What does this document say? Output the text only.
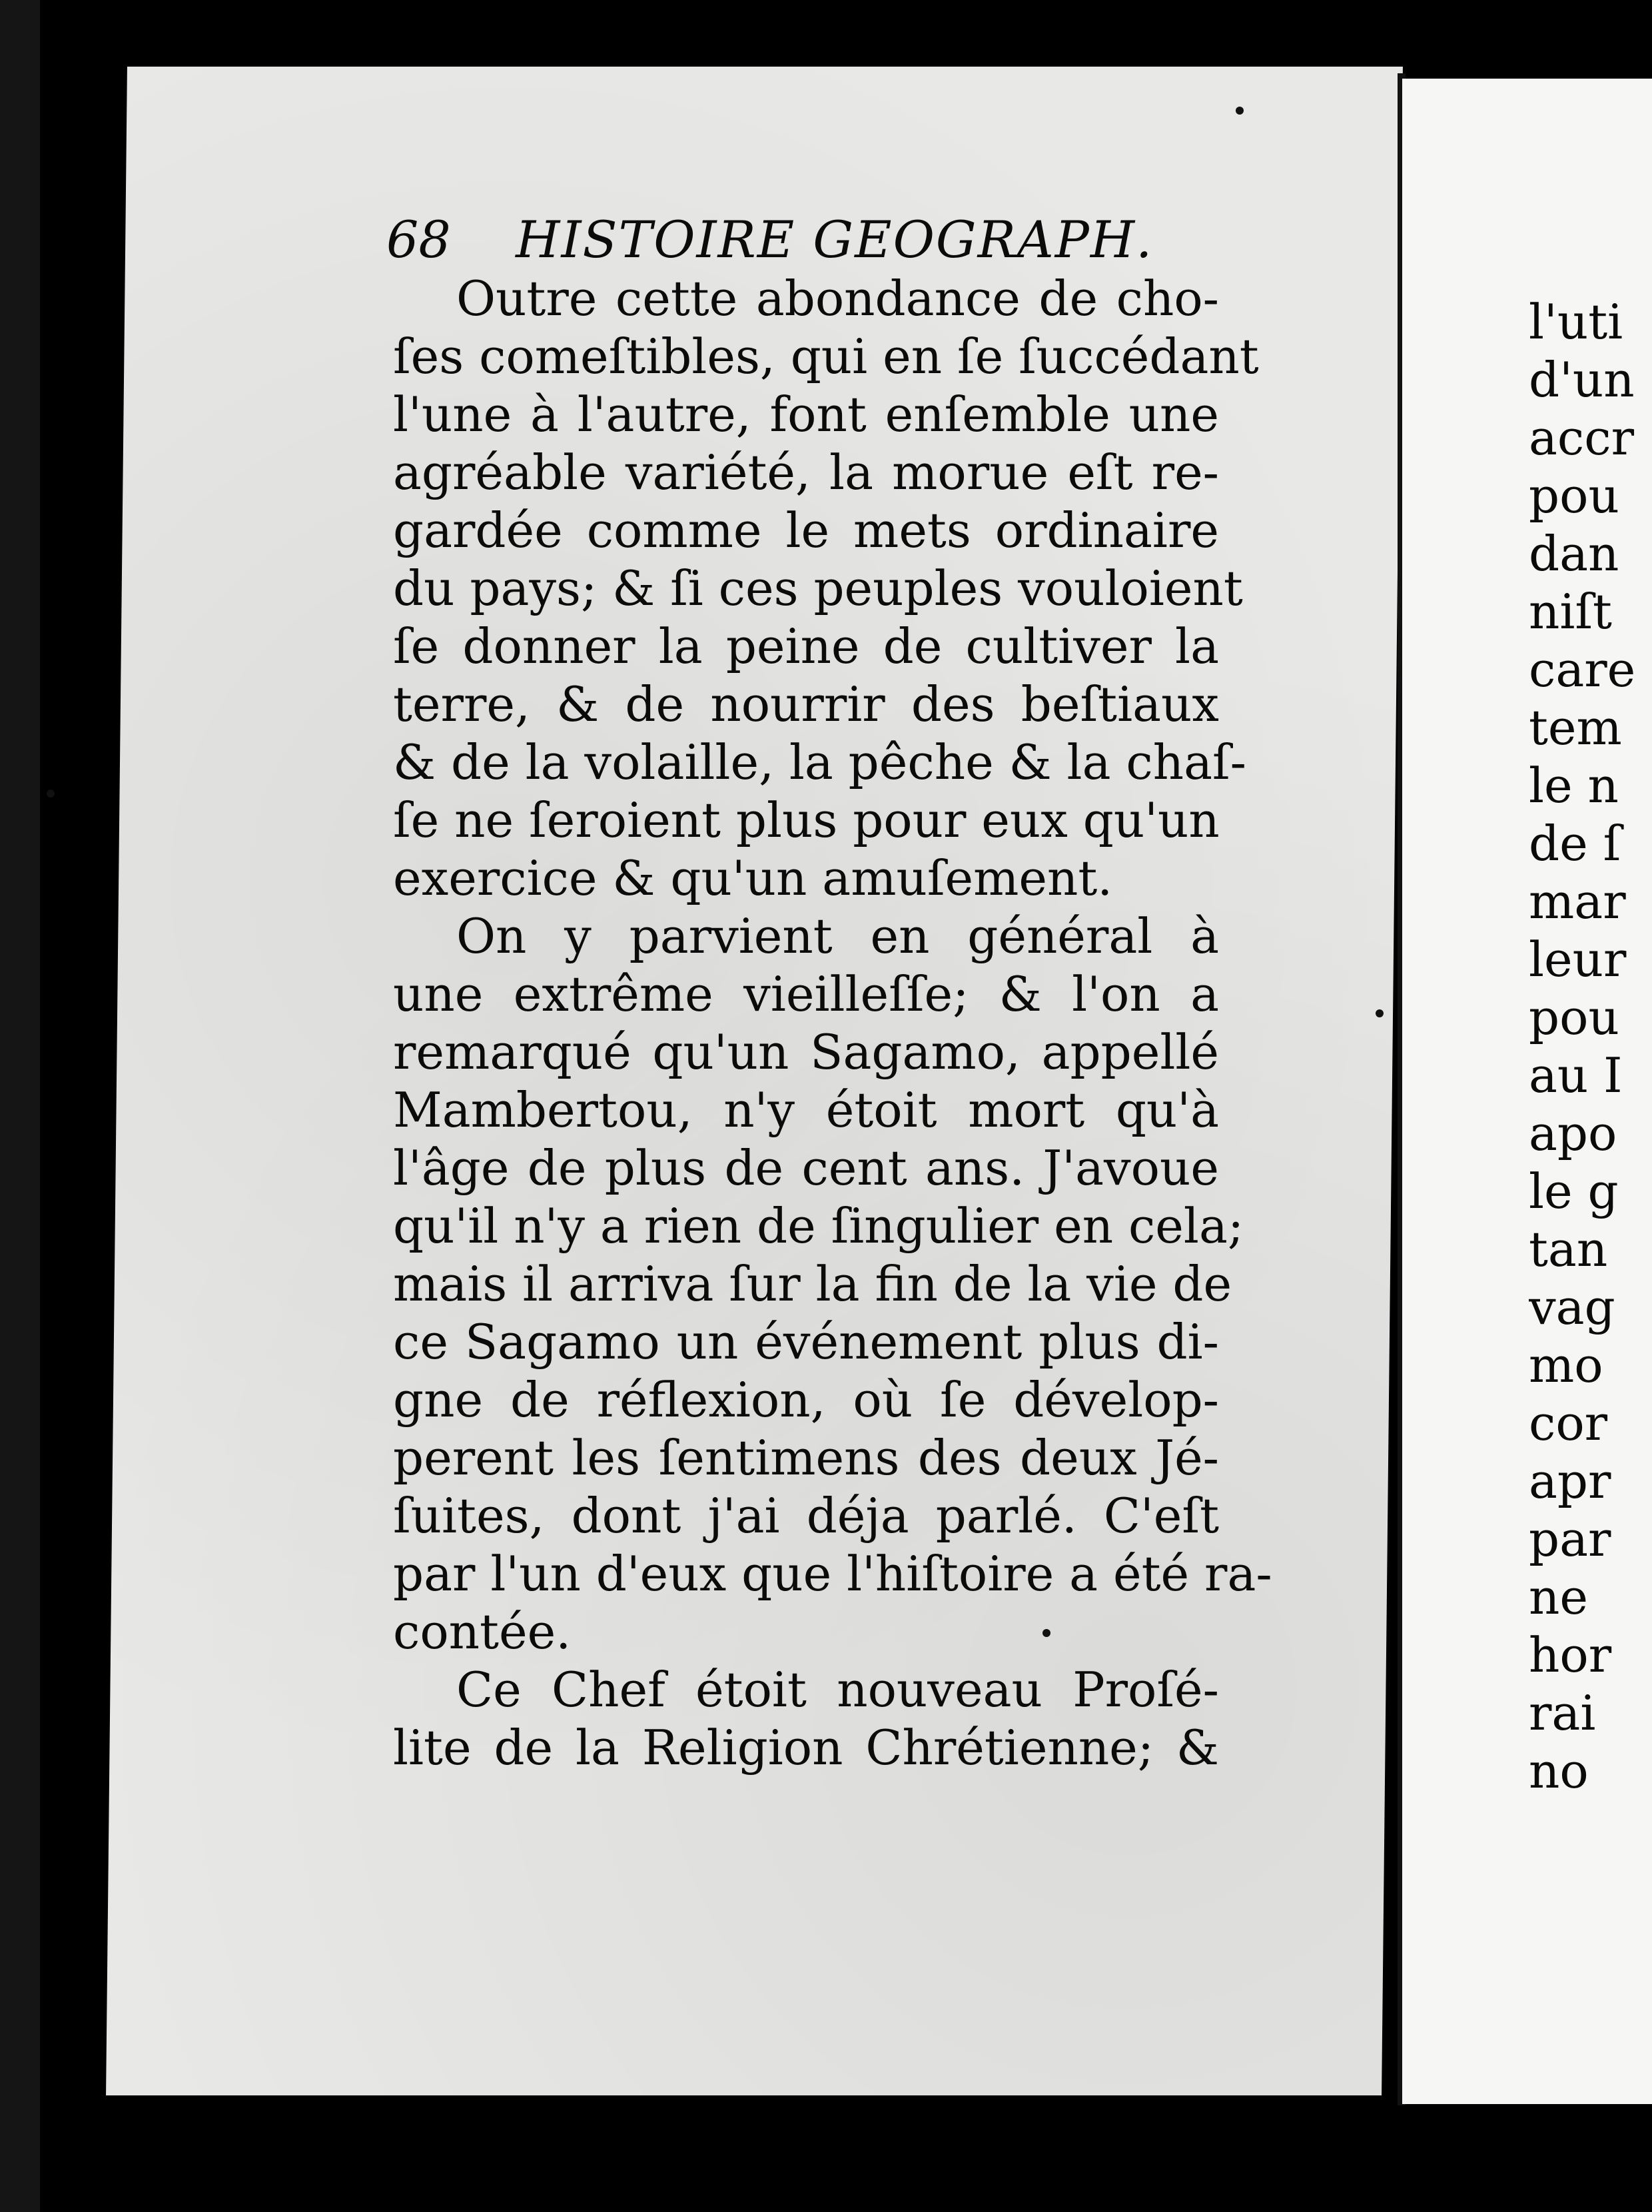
68 HISTOIRE GEOGRAPH.
Outre cette abondance de cho-
ſes comeſtibles, qui en ſe ſuccédant
l'une à l'autre, font enſemble une
agréable variété, la morue eſt re-
gardée comme le mets ordinaire
du pays; & ſi ces peuples vouloient
ſe donner la peine de cultiver la
terre, & de nourrir des beſtiaux
& de la volaille, la pêche & la chaſ-
ſe ne ſeroient plus pour eux qu'un
exercice & qu'un amuſement.
On y parvient en général à
une extrême vieilleſſe; & l'on a
remarqué qu'un Sagamo, appellé
Mambertou, n'y étoit mort qu'à
l'âge de plus de cent ans. J'avoue
qu'il n'y a rien de ſingulier en cela;
mais il arriva ſur la fin de la vie de
ce Sagamo un événement plus di-
gne de réflexion, où ſe dévelop-
perent les ſentimens des deux Jé-
ſuites, dont j'ai déja parlé. C'eſt
par l'un d'eux que l'hiſtoire a été ra-
contée.
Ce Chef étoit nouveau Proſé-
lite de la Religion Chrétienne; &
l'uti
d'un
accr
pou
dan
niſt
care
tem
le n
de ſ
mar
leur
pou
au I
apo
le g
tan
vag
mo
cor
apr
par
ne
hor
rai
no
